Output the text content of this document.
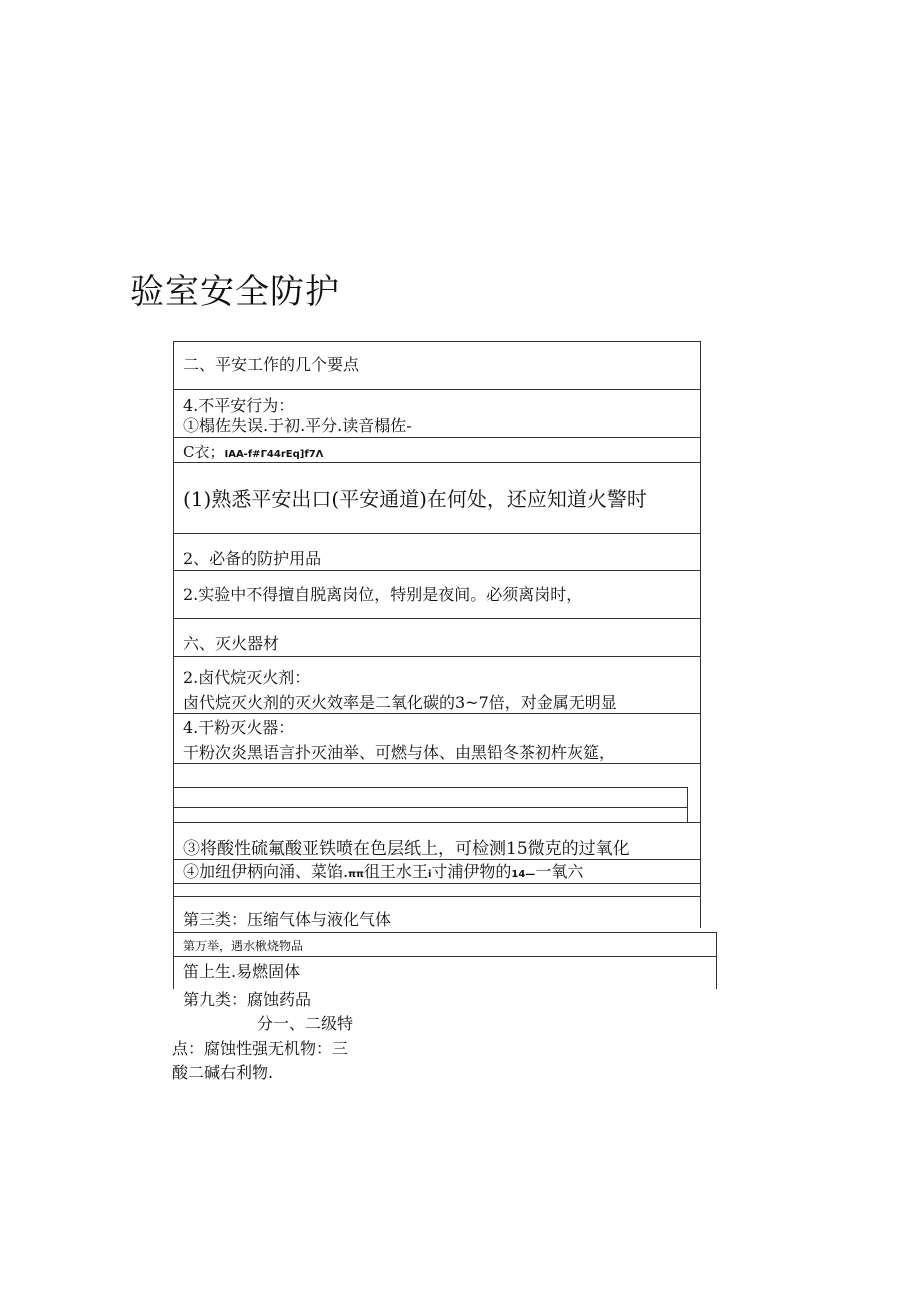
验室安全防护
二、平安工作的几个要点
4.不平安行为：
①榻佐失误.于初.平分.读音榻佐-
C衣；IAA-f#Γ44rEq]f7Λ
(1)熟悉平安出口(平安通道)在何处，还应知道火警时
2、必备的防护用品
2.实验中不得擅自脱离岗位，特别是夜间。必须离岗时，
六、灭火器材
2.卤代烷灭火剂：
卤代烷灭火剂的灭火效率是二氧化碳的3~7倍，对金属无明显
4.干粉灭火器：
干粉次炎黑语言扑灭油举、可燃与体、由黑铅冬茶初杵灰筵，
③将酸性硫氟酸亚铁喷在色层纸上，可检测15微克的过氧化
④加纽伊柄向涌、菜馅.ππ徂王水王i寸浦伊物的14—一氧六
第三类：压缩气体与液化气体
第万举，遇水楸烧物品
笛上生.易燃固体
第九类：腐蚀药品
分一、二级特
点：腐蚀性强无机物：三
酸二碱右利物.
